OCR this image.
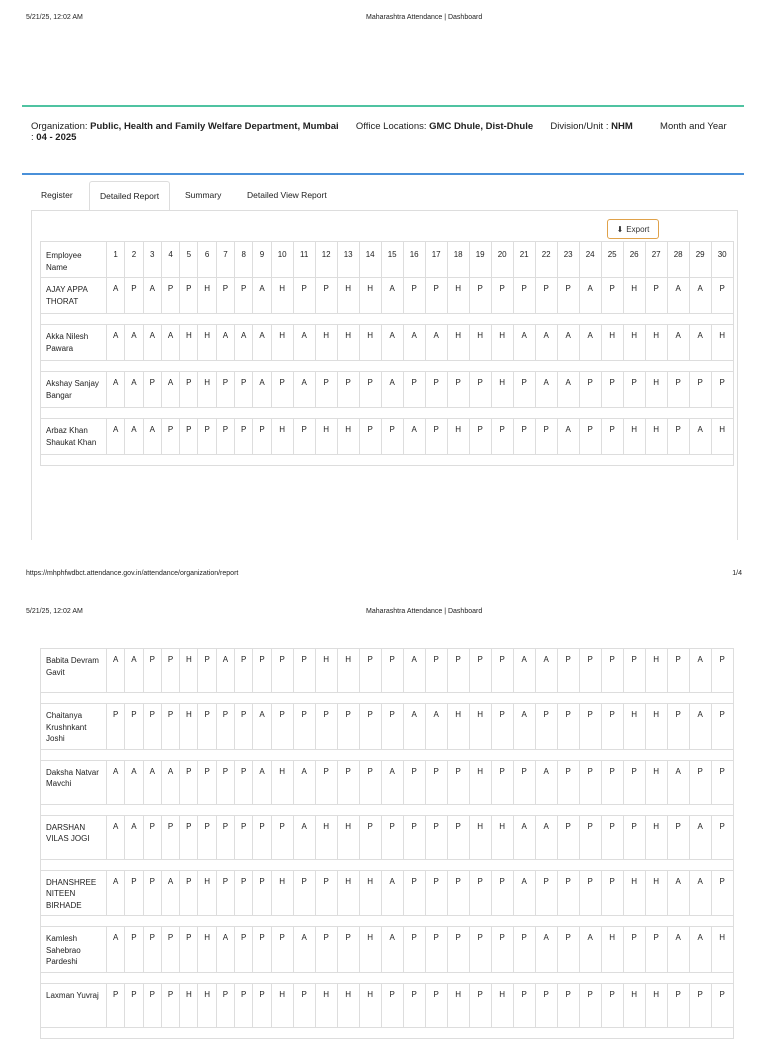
5/21/25, 12:02 AM	Maharashtra Attendance | Dashboard
Organization: Public, Health and Family Welfare Department, Mumbai Office Locations: GMC Dhule, Dist-Dhule Division/Unit : NHM	Month and Year : 04 - 2025
Register	Detailed Report	Summary	Detailed View Report
⬇ Export
Employee Name	1	2	3	4	5	6	7	8	9	10	11	12	13	14	15	16	17	18	19	20	21	22	23	24	25	26	27	28	29	30
AJAY APPA THORAT	A	P	A	P	P	H	P	P	A	H	P	P	H	H	A	P	P	H	P	P	P	P	P	A	P	H	P	A	A	P

Akka Nilesh Pawara	A	A	A	A	H	H	A	A	A	H	A	H	H	H	A	A	A	H	H	H	A	A	A	A	H	H	H	A	A	H

Akshay Sanjay Bangar	A	A	P	A	P	H	P	P	A	P	A	P	P	P	A	P	P	P	P	H	P	A	A	P	P	P	H	P	P	P

Arbaz Khan Shaukat Khan	A	A	A	P	P	P	P	P	P	H	P	H	H	P	P	A	P	H	P	P	P	P	A	P	P	H	H	P	A	H

https://mhphfwdbct.attendance.gov.in/attendance/organization/report	1/4
5/21/25, 12:02 AM	Maharashtra Attendance | Dashboard
Babita Devram Gavit	A	A	P	P	H	P	A	P	P	P	P	H	H	P	P	A	P	P	P	P	A	A	P	P	P	P	H	P	A	P

Chaitanya Krushnkant Joshi	P	P	P	P	H	P	P	P	A	P	P	P	P	P	P	A	A	H	H	P	A	P	P	P	P	H	H	P	A	P

Daksha Natvar Mavchi	A	A	A	A	P	P	P	P	A	H	A	P	P	P	A	P	P	P	H	P	P	A	P	P	P	P	H	A	P	P

DARSHAN VILAS JOGI	A	A	P	P	P	P	P	P	P	P	A	H	H	P	P	P	P	P	H	H	A	A	P	P	P	P	H	P	A	P

DHANSHREE NITEEN BIRHADE	A	P	P	A	P	H	P	P	P	H	P	P	H	H	A	P	P	P	P	P	A	P	P	P	P	H	H	A	A	P

Kamlesh Sahebrao Pardeshi	A	P	P	P	P	H	A	P	P	P	A	P	P	H	A	P	P	P	P	P	P	A	P	A	H	P	P	A	A	H

Laxman Yuvraj	P	P	P	P	H	H	P	P	P	H	P	H	H	H	P	P	P	H	P	H	P	P	P	P	P	H	H	P	P	P
